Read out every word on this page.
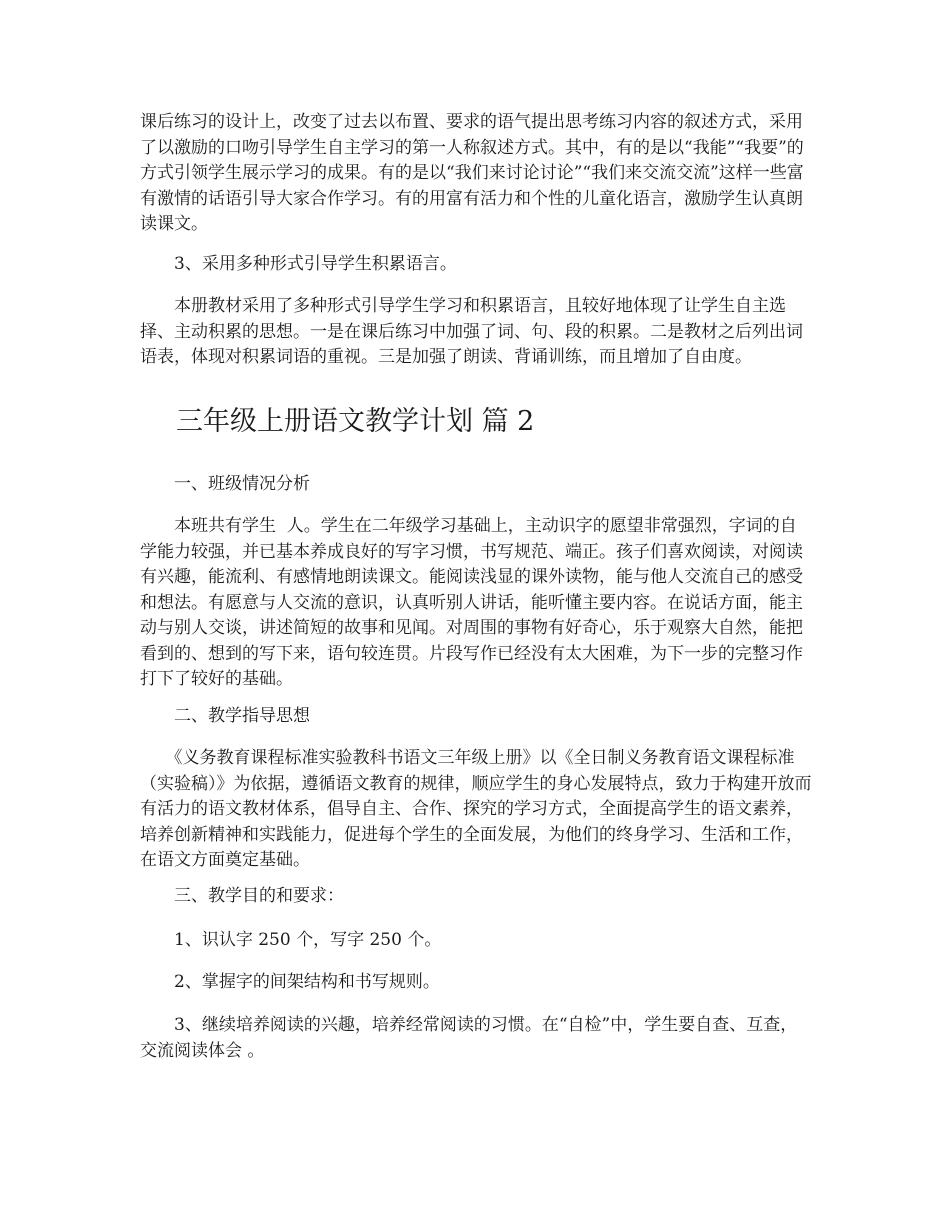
课后练习的设计上，改变了过去以布置、要求的语气提出思考练习内容的叙述方式，采用了以激励的口吻引导学生自主学习的第一人称叙述方式。其中，有的是以“我能”“我要”的方式引领学生展示学习的成果。有的是以“我们来讨论讨论”“我们来交流交流”这样一些富有激情的话语引导大家合作学习。有的用富有活力和个性的儿童化语言，激励学生认真朗读课文。

　　3、采用多种形式引导学生积累语言。

　　本册教材采用了多种形式引导学生学习和积累语言，且较好地体现了让学生自主选择、主动积累的思想。一是在课后练习中加强了词、句、段的积累。二是教材之后列出词语表，体现对积累词语的重视。三是加强了朗读、背诵训练，而且增加了自由度。

三年级上册语文教学计划 篇 2

　　一、班级情况分析

　　本班共有学生  人。学生在二年级学习基础上，主动识字的愿望非常强烈，字词的自学能力较强，并已基本养成良好的写字习惯，书写规范、端正。孩子们喜欢阅读，对阅读有兴趣，能流利、有感情地朗读课文。能阅读浅显的课外读物，能与他人交流自己的感受和想法。有愿意与人交流的意识，认真听别人讲话，能听懂主要内容。在说话方面，能主动与别人交谈，讲述简短的故事和见闻。对周围的事物有好奇心，乐于观察大自然，能把看到的、想到的写下来，语句较连贯。片段写作已经没有太大困难，为下一步的完整习作打下了较好的基础。

　　二、教学指导思想

　　《义务教育课程标准实验教科书语文三年级上册》以《全日制义务教育语文课程标准（实验稿）》为依据，遵循语文教育的规律，顺应学生的身心发展特点，致力于构建开放而有活力的语文教材体系，倡导自主、合作、探究的学习方式，全面提高学生的语文素养，培养创新精神和实践能力，促进每个学生的全面发展，为他们的终身学习、生活和工作，在语文方面奠定基础。

　　三、教学目的和要求：

　　1、识认字 250 个，写字 250 个。

　　2、掌握字的间架结构和书写规则。

　　3、继续培养阅读的兴趣，培养经常阅读的习惯。在“自检”中，学生要自查、互查，交流阅读体会 。
